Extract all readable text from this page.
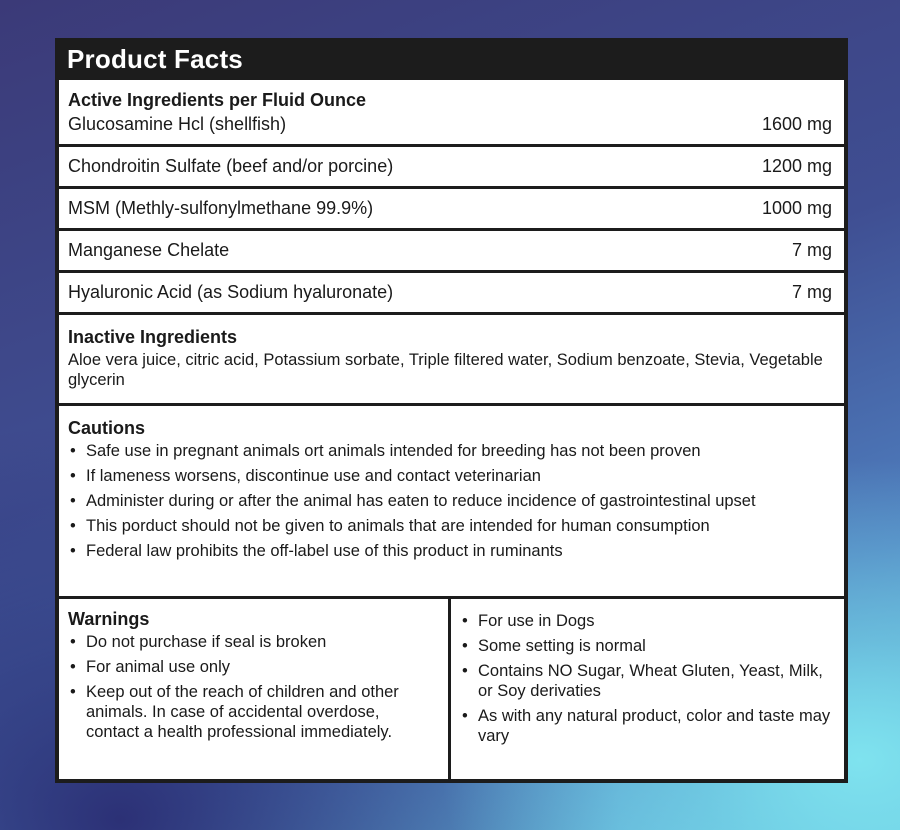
Product Facts
Active Ingredients per Fluid Ounce
Glucosamine Hcl (shellfish)	1600 mg
Chondroitin Sulfate (beef and/or porcine)	1200 mg
MSM (Methly-sulfonylmethane 99.9%)	1000 mg
Manganese Chelate	7 mg
Hyaluronic Acid (as Sodium hyaluronate)	7 mg
Inactive Ingredients
Aloe vera juice, citric acid, Potassium sorbate, Triple filtered water, Sodium benzoate, Stevia, Vegetable glycerin
Cautions
• Safe use in pregnant animals ort animals intended for breeding has not been proven
• If lameness worsens, discontinue use and contact veterinarian
• Administer during or after the animal has eaten to reduce incidence of gastrointestinal upset
• This porduct should not be given to animals that are intended for human consumption
• Federal law prohibits the off-label use of this product in ruminants
Warnings
• Do not purchase if seal is broken
• For animal use only
• Keep out of the reach of children and other animals. In case of accidental overdose, contact a health professional immediately.
• For use in Dogs
• Some setting is normal
• Contains NO Sugar, Wheat Gluten, Yeast, Milk, or Soy derivaties
• As with any natural product, color and taste may vary
